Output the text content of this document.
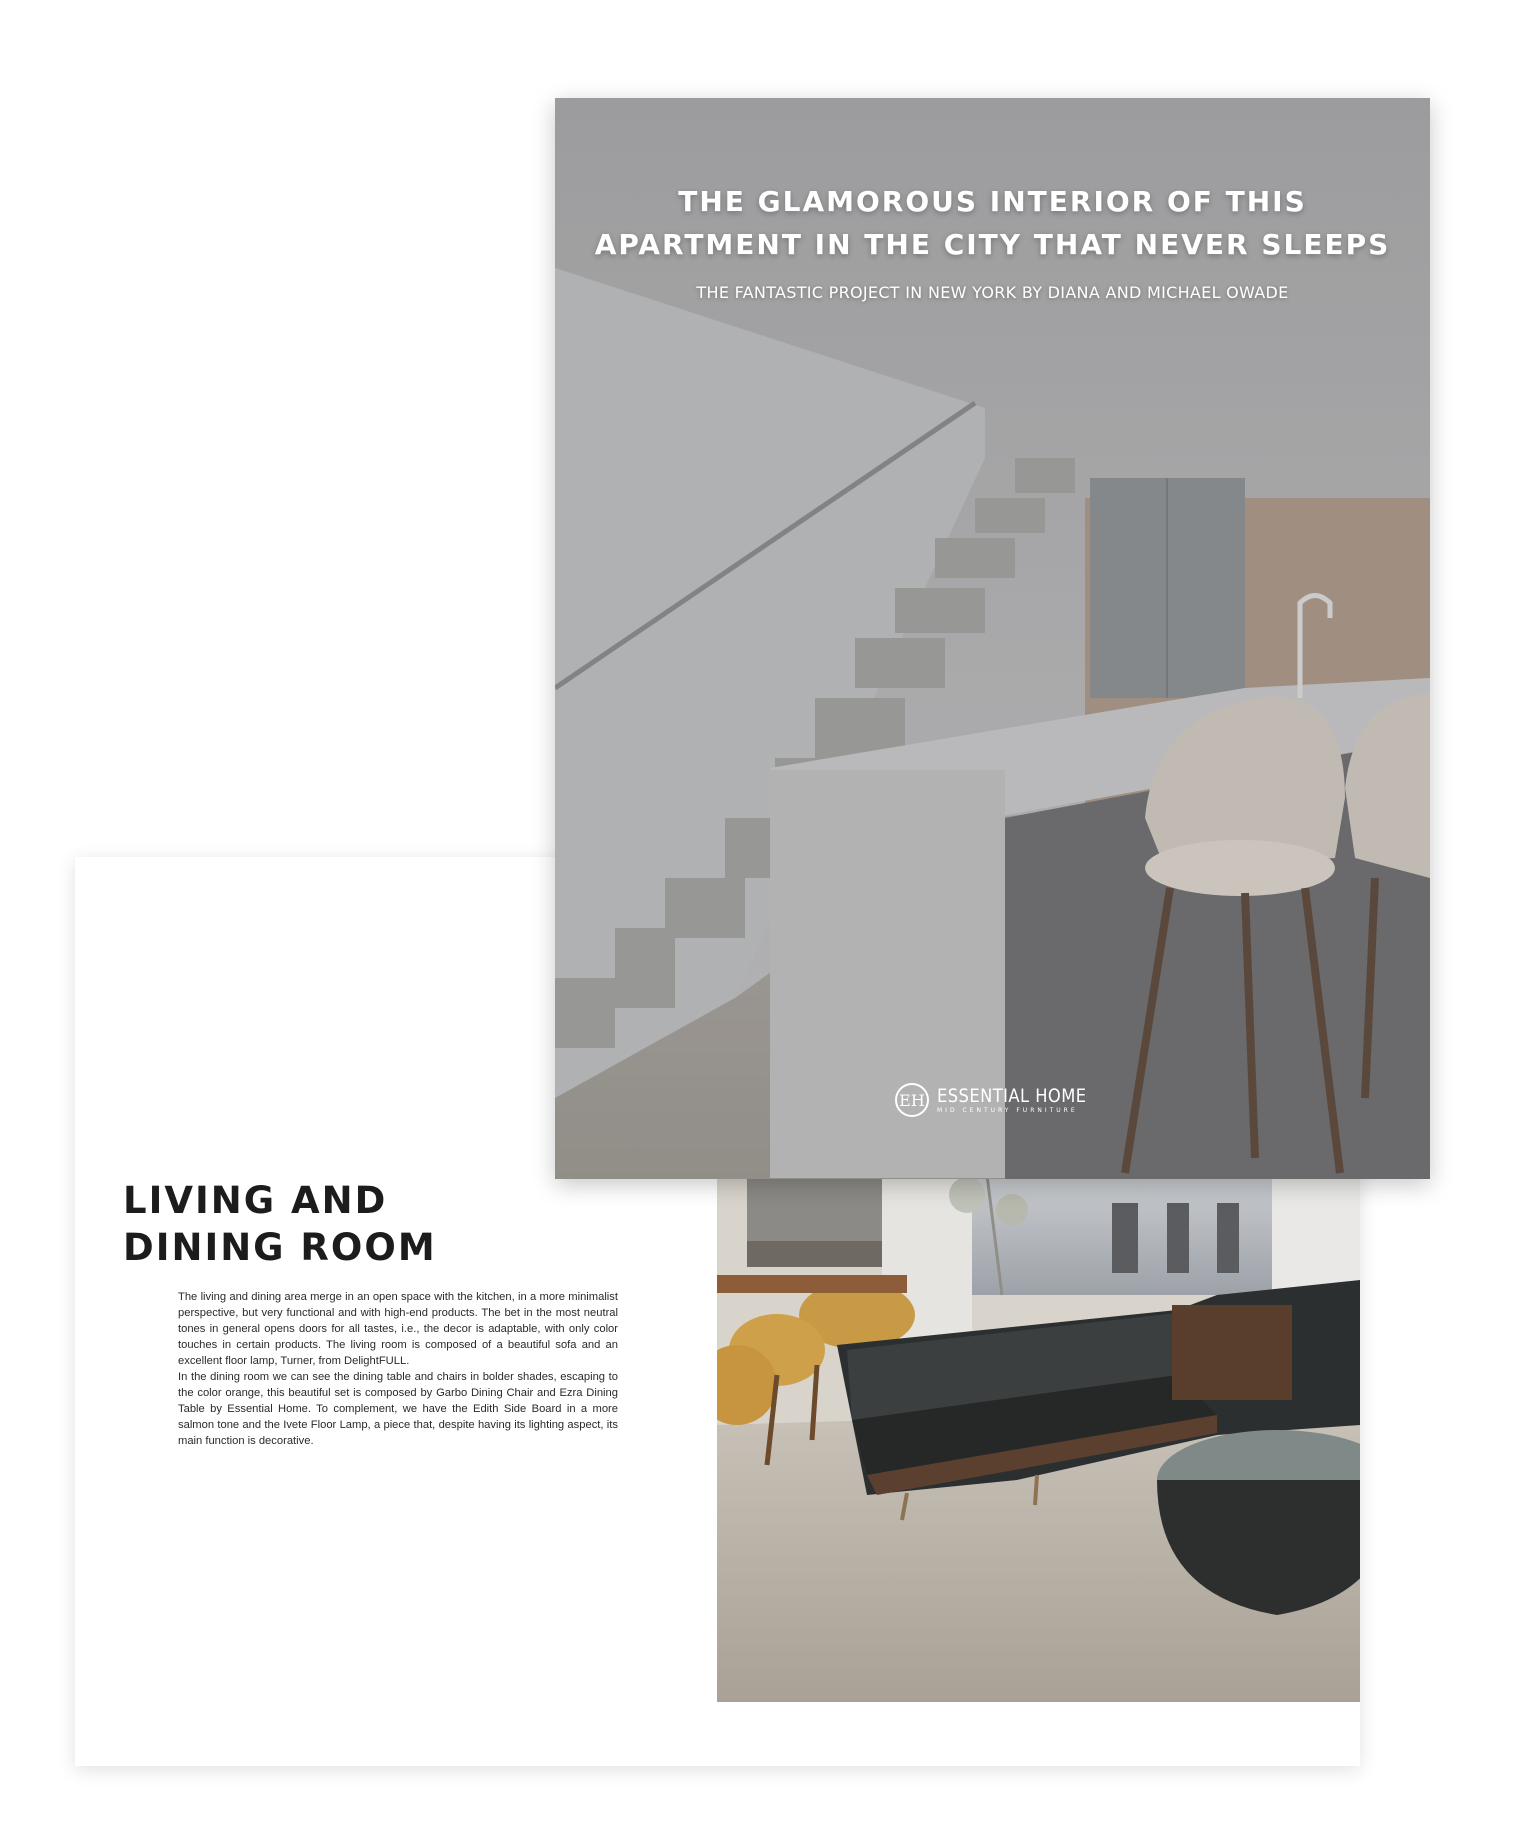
LIVING AND
DINING ROOM

The living and dining area merge in an open space with the kitchen, in a more minimalist perspective, but very functional and with high-end products. The bet in the most neutral tones in general opens doors for all tastes, i.e., the decor is adaptable, with only color touches in certain products. The living room is composed of a beautiful sofa and an excellent floor lamp, Turner, from DelightFULL.

In the dining room we can see the dining table and chairs in bolder shades, escaping to the color orange, this beautiful set is composed by Garbo Dining Chair and Ezra Dining Table by Essential Home. To complement, we have the Edith Side Board in a more salmon tone and the Ivete Floor Lamp, a piece that, despite having its lighting aspect, its main function is decorative.

THE GLAMOROUS INTERIOR OF THIS
APARTMENT IN THE CITY THAT NEVER SLEEPS
THE FANTASTIC PROJECT IN NEW YORK BY DIANA AND MICHAEL OWADE
EH ESSENTIAL HOME
MID CENTURY FURNITURE
